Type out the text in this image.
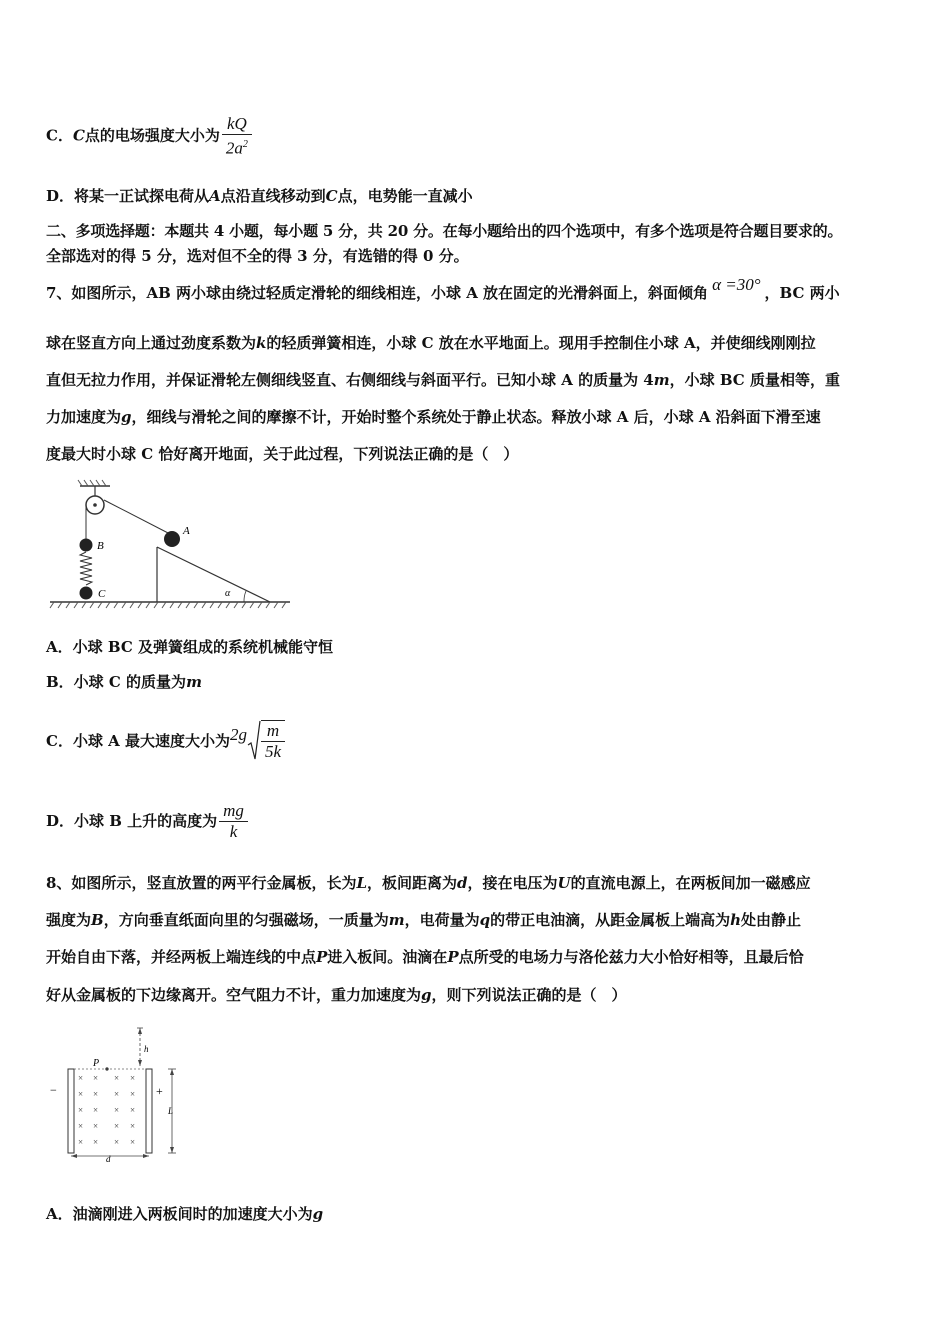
C．C点的电场强度大小为 $\frac{kQ}{2a^2}$
D．将某一正试探电荷从A点沿直线移动到C点，电势能一直减小
二、多项选择题：本题共 4 小题，每小题 5 分，共 20 分。在每小题给出的四个选项中，有多个选项是符合题目要求的。
全部选对的得 5 分，选对但不全的得 3 分，有选错的得 0 分。
7、如图所示，AB 两小球由绕过轻质定滑轮的细线相连，小球 A 放在固定的光滑斜面上，斜面倾角 α =30° ，BC 两小
球在竖直方向上通过劲度系数为k的轻质弹簧相连，小球 C 放在水平地面上。现用手控制住小球 A，并使细线刚刚拉
直但无拉力作用，并保证滑轮左侧细线竖直、右侧细线与斜面平行。已知小球 A 的质量为 4m，小球 BC 质量相等，重
力加速度为g，细线与滑轮之间的摩擦不计，开始时整个系统处于静止状态。释放小球 A 后，小球 A 沿斜面下滑至速
度最大时小球 C 恰好离开地面，关于此过程，下列说法正确的是（　）
B
C
A
α
A．小球 BC 及弹簧组成的系统机械能守恒
B．小球 C 的质量为m
C．小球 A 最大速度大小为$2g \frac{m}{5k}$
D．小球 B 上升的高度为 $\frac{mg}{k}$
8、如图所示，竖直放置的两平行金属板，长为L，板间距离为d，接在电压为U的直流电源上，在两板间加一磁感应
强度为B，方向垂直纸面向里的匀强磁场，一质量为m，电荷量为q的带正电油滴，从距金属板上端高为h处由静止
开始自由下落，并经两板上端连线的中点P进入板间。油滴在P点所受的电场力与洛伦兹力大小恰好相等，且最后恰
好从金属板的下边缘离开。空气阻力不计，重力加速度为g，则下列说法正确的是（　）
h
P
−	+
× × × ×
× × × ×
× × × ×
× × × ×
× × × ×
L
d
A．油滴刚进入两板间时的加速度大小为g
